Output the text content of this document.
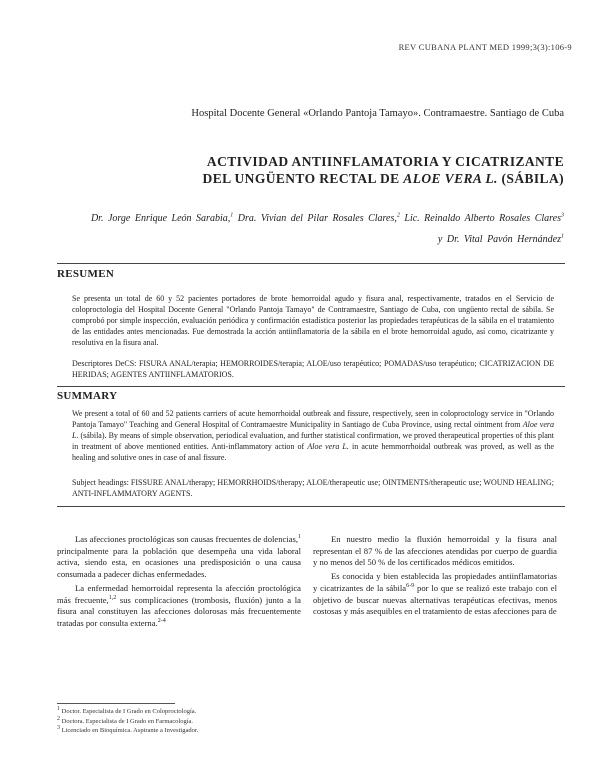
REV CUBANA PLANT MED 1999;3(3):106-9
Hospital Docente General «Orlando Pantoja Tamayo». Contramaestre. Santiago de Cuba
ACTIVIDAD ANTIINFLAMATORIA Y CICATRIZANTE
DEL UNGÜENTO RECTAL DE ALOE VERA L. (SÁBILA)
Dr. Jorge Enrique León Sarabia,$^1$ Dra. Vivian del Pilar Rosales Clares,$^2$ Lic. Reinaldo Alberto Rosales Clares$^3$ y Dr. Vital Pavón Hernández$^1$
RESUMEN
Se presenta un total de 60 y 52 pacientes portadores de brote hemorroidal agudo y fisura anal, respectivamente, tratados en el Servicio de coloproctología del Hospital Docente General "Orlando Pantoja Tamayo" de Contramaestre, Santiago de Cuba, con ungüento rectal de sábila. Se comprobó por simple inspección, evaluación periódica y confirmación estadística posterior las propiedades terapéuticas de la sábila en el tratamiento de las entidades antes mencionadas. Fue demostrada la acción antiinflamatoria de la sábila en el brote hemorroidal agudo, así como, cicatrizante y resolutiva en la fisura anal.
Descriptores DeCS: FISURA ANAL/terapia; HEMORROIDES/terapia; ALOE/uso terapéutico; POMADAS/uso terapéutico; CICATRIZACION DE HERIDAS; AGENTES ANTIINFLAMATORIOS.
SUMMARY
We present a total of 60 and 52 patients carriers of acute hemorrhoidal outbreak and fissure, respectively, seen in coloproctology service in "Orlando Pantoja Tamayo" Teaching and General Hospital of Contramaestre Municipality in Santiago de Cuba Province, using rectal ointment from Aloe vera L. (sábila). By means of simple observation, periodical evaluation, and further statistical confirmation, we proved therapeutical properties of this plant in treatment of above mentioned entities. Anti-inflammatory action of Aloe vera L. in acute hemmorrhoidal outbreak was proved, as well as the healing and solutive ones in case of anal fissure.
Subject headings: FISSURE ANAL/therapy; HEMORRHOIDS/therapy; ALOE/therapeutic use; OINTMENTS/therapeutic use; WOUND HEALING; ANTI-INFLAMMATORY AGENTS.

Las afecciones proctológicas son causas frecuentes de dolencias,$^1$ principalmente para la población que desempeña una vida laboral activa, siendo esta, en ocasiones una predisposición o una causa consumada a padecer dichas enfermedades.

La enfermedad hemorroidal representa la afección proctológica más frecuente,$^{1,2}$ sus complicaciones (trombosis, fluxión) junto a la fisura anal constituyen las afecciones dolorosas más frecuentemente tratadas por consulta externa.$^{2-4}$

En nuestro medio la fluxión hemorroidal y la fisura anal representan el 87 % de las afecciones atendidas por cuerpo de guardia y no menos del 50 % de los certificados médicos emitidos.

Es conocida y bien establecida las propiedades antiinflamatorias y cicatrizantes de la sábila$^{6-9}$ por lo que se realizó este trabajo con el objetivo de buscar nuevas alternativas terapéuticas efectivas, menos costosas y más asequibles en el tratamiento de estas afecciones para de

$^1$ Doctor. Especialista de I Grado en Coloproctología.
$^2$ Doctora. Especialista de I Grado en Farmacología.
$^3$ Licenciado en Bioquímica. Aspirante a Investigador.
